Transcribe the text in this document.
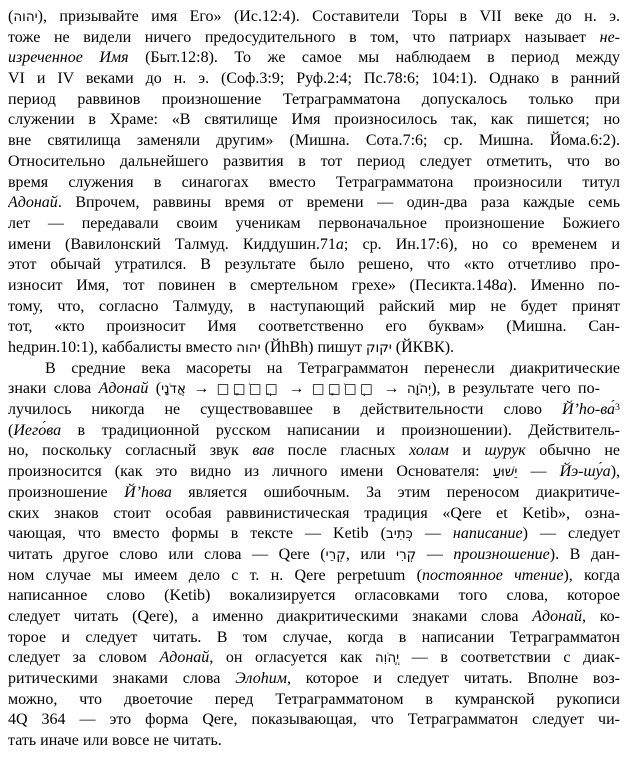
(יהוה), призывайте имя Его» (Ис.12:4). Составители Торы в VII веке до н. э.
тоже не видели ничего предосудительного в том, что патриарх называет не-
изреченное Имя (Быт.12:8). То же самое мы наблюдаем в период между
VI и IV веками до н. э. (Соф.3:9; Руф.2:4; Пс.78:6; 104:1). Однако в ранний
период раввинов произношение Тетраграмматона допускалось только при
служении в Храме: «В святилище Имя произносилось так, как пишется; но
вне святилища заменяли другим» (Мишна. Сота.7:6; ср. Мишна. Йома.6:2).
Относительно дальнейшего развития в тот период следует отметить, что во
время служения в синагогах вместо Тетраграмматона произносили титул
Адонай. Впрочем, раввины время от времени — один-два раза каждые семь
лет — передавали своим ученикам первоначальное произношение Божиего
имени (Вавилонский Талмуд. Киддушин.71а; ср. Ин.17:6), но со временем и
этот обычай утратился. В результате было решено, что «кто отчетливо про-
износит Имя, тот повинен в смертельном грехе» (Песикта.148а). Именно по-
тому, что, согласно Талмуду, в наступающий райский мир не будет принят
тот, «кто произносит Имя соответственно его буквам» (Мишна. Сан-
hедрин.10:1), каббалисты вместо יהוה (ЙhВh) пишут יקוק (ЙКВК).
В средние века масореты на Тетраграмматон перенесли диакритические
знаки слова Адонай (אֲדֹנָי → □ֲ□ֹ□ָ□ → □ְ□ֹ□ָ□ → יְהֹוָה), в результате чего по-
лучилось никогда не существовавшее в действительности слово Й’hо-ва́$^3$
(Иего́ва в традиционной русском написании и произношении). Действитель-
но, поскольку согласный звук вав после гласных холам и шурук обычно не
произносится (как это видно из личного имени Основателя: יֵשׁוּעַ — Йэ-шу́а),
произношение Й’hова является ошибочным. За этим переносом диакритиче-
ских знаков стоит особая раввинистическая традиция «Qere et Ketib», озна-
чающая, что вместо формы в тексте — Ketib (כְּתִיב — написание) — следует
читать другое слово или слова — Qere (קְרֵי, или קְרִי — произношение). В дан-
ном случае мы имеем дело с т. н. Qere perpetuum (постоянное чтение), когда
написанное слово (Ketib) вокализируется огласовками того слова, которое
следует читать (Qere), а именно диакритическими знаками слова Адонай, ко-
торое и следует читать. В том случае, когда в написании Тетраграмматон
следует за словом Адонай, он огласуется как יֱהֹוִה — в соответствии с диак-
ритическими знаками слова Элоhим, которое и следует читать. Вполне воз-
можно, что двоеточие перед Тетраграмматоном в кумранской рукописи
4Q 364 — это форма Qere, показывающая, что Тетраграмматон следует чи-
тать иначе или вовсе не читать.
